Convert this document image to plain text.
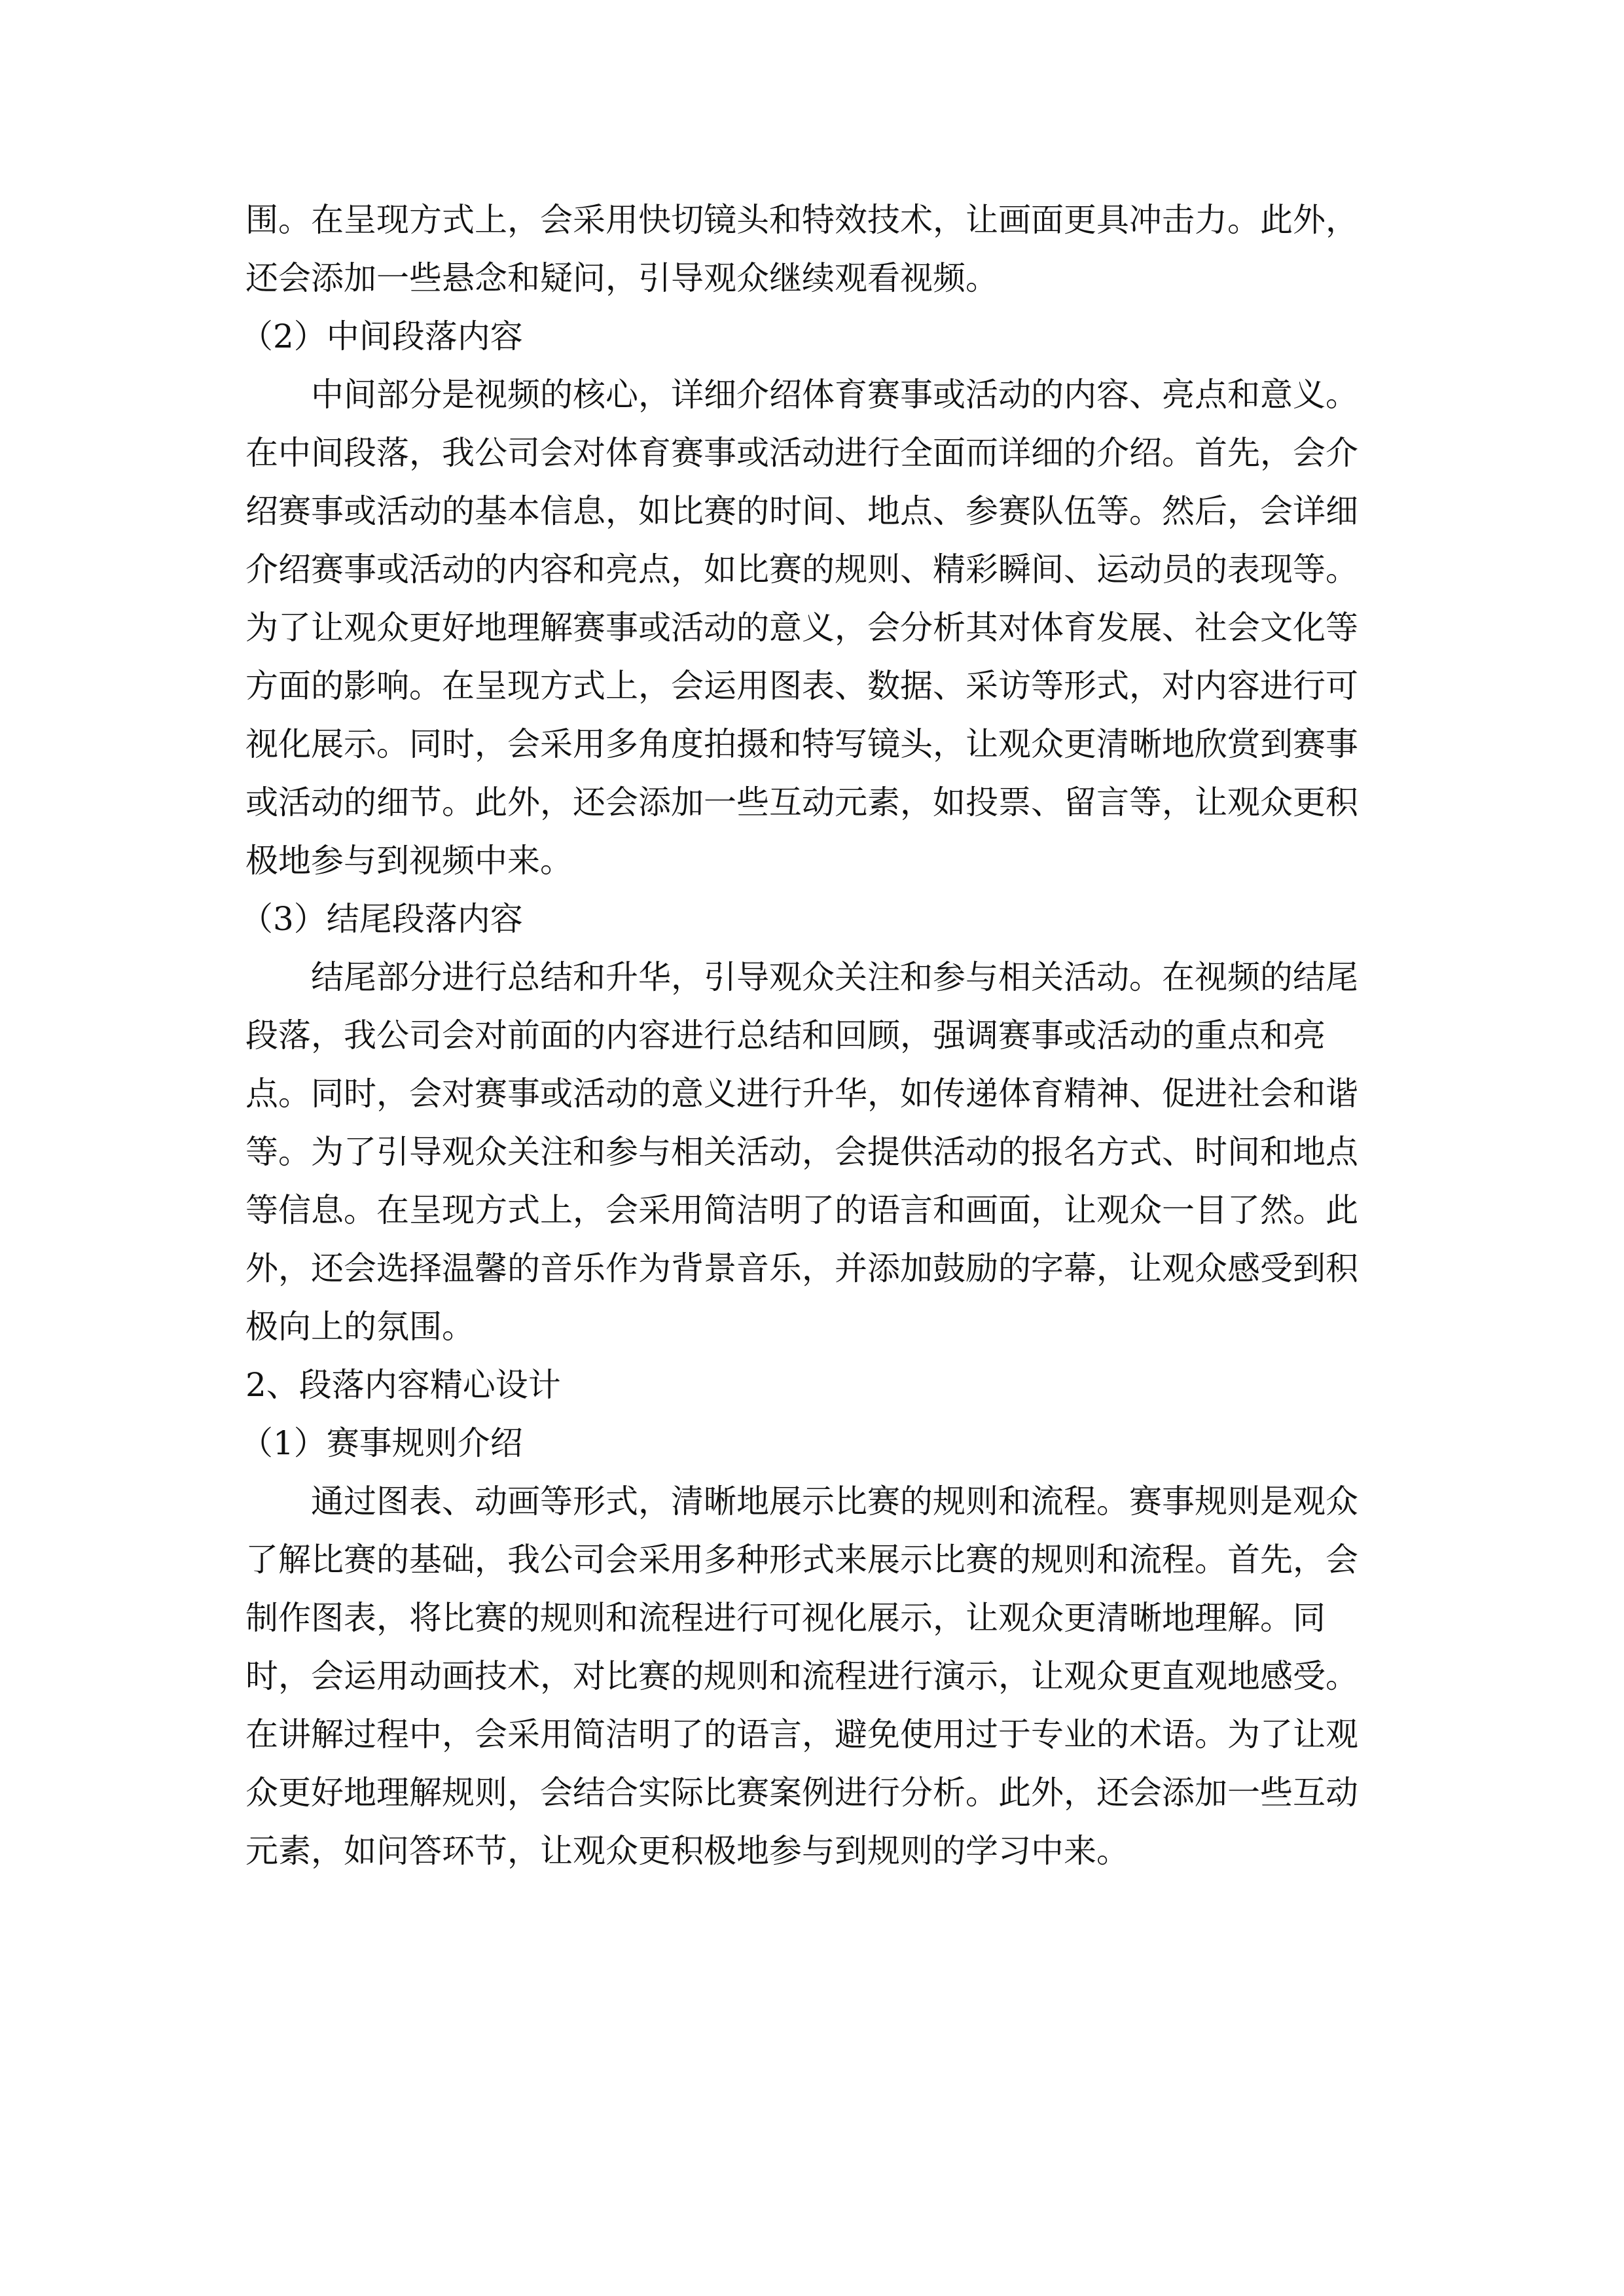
围。在呈现方式上，会采用快切镜头和特效技术，让画面更具冲击力。此外，
还会添加一些悬念和疑问，引导观众继续观看视频。
（2）中间段落内容
中间部分是视频的核心，详细介绍体育赛事或活动的内容、亮点和意义。
在中间段落，我公司会对体育赛事或活动进行全面而详细的介绍。首先，会介
绍赛事或活动的基本信息，如比赛的时间、地点、参赛队伍等。然后，会详细
介绍赛事或活动的内容和亮点，如比赛的规则、精彩瞬间、运动员的表现等。
为了让观众更好地理解赛事或活动的意义，会分析其对体育发展、社会文化等
方面的影响。在呈现方式上，会运用图表、数据、采访等形式，对内容进行可
视化展示。同时，会采用多角度拍摄和特写镜头，让观众更清晰地欣赏到赛事
或活动的细节。此外，还会添加一些互动元素，如投票、留言等，让观众更积
极地参与到视频中来。
（3）结尾段落内容
结尾部分进行总结和升华，引导观众关注和参与相关活动。在视频的结尾
段落，我公司会对前面的内容进行总结和回顾，强调赛事或活动的重点和亮
点。同时，会对赛事或活动的意义进行升华，如传递体育精神、促进社会和谐
等。为了引导观众关注和参与相关活动，会提供活动的报名方式、时间和地点
等信息。在呈现方式上，会采用简洁明了的语言和画面，让观众一目了然。此
外，还会选择温馨的音乐作为背景音乐，并添加鼓励的字幕，让观众感受到积
极向上的氛围。
2、段落内容精心设计
（1）赛事规则介绍
通过图表、动画等形式，清晰地展示比赛的规则和流程。赛事规则是观众
了解比赛的基础，我公司会采用多种形式来展示比赛的规则和流程。首先，会
制作图表，将比赛的规则和流程进行可视化展示，让观众更清晰地理解。同
时，会运用动画技术，对比赛的规则和流程进行演示，让观众更直观地感受。
在讲解过程中，会采用简洁明了的语言，避免使用过于专业的术语。为了让观
众更好地理解规则，会结合实际比赛案例进行分析。此外，还会添加一些互动
元素，如问答环节，让观众更积极地参与到规则的学习中来。
